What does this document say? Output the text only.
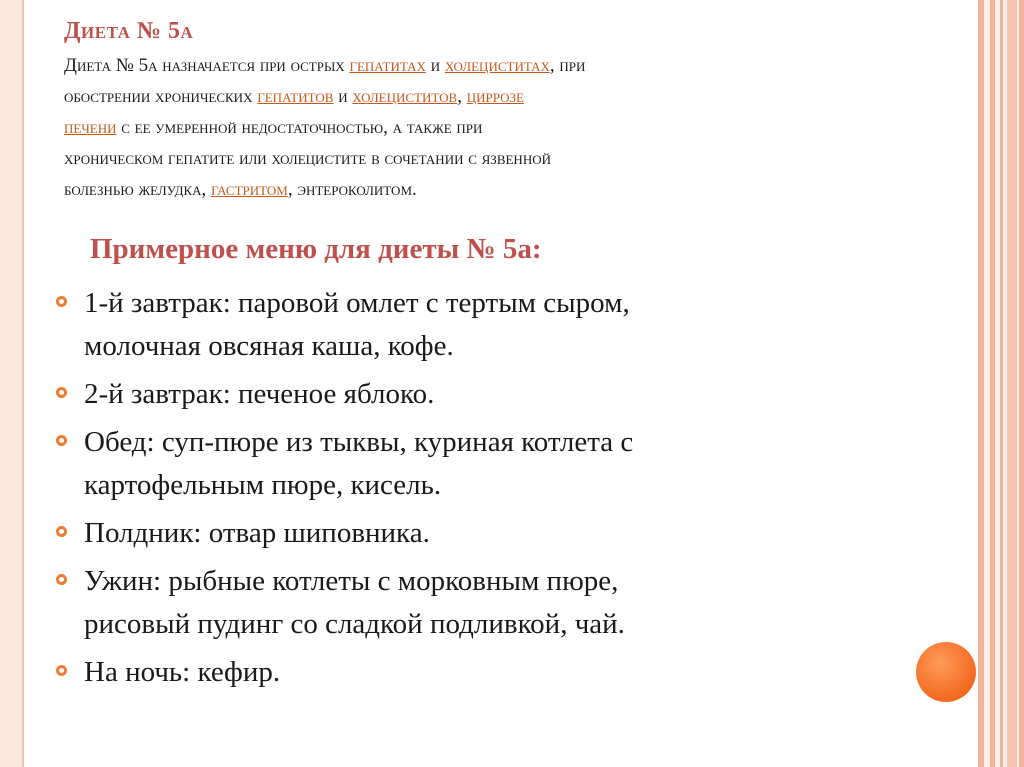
Диета № 5а
Диета № 5а назначается при острых гепатитах и холециститах, при
обострении хронических гепатитов и холециститов, циррозе
печени с ее умеренной недостаточностью, а также при
хроническом гепатите или холецистите в сочетании с язвенной
болезнью желудка, гастритом, энтероколитом.
Примерное меню для диеты № 5а:
1-й завтрак: паровой омлет с тертым сыром,
молочная овсяная каша, кофе.
2-й завтрак: печеное яблоко.
Обед: суп-пюре из тыквы, куриная котлета с
картофельным пюре, кисель.
Полдник: отвар шиповника.
Ужин: рыбные котлеты с морковным пюре,
рисовый пудинг со сладкой подливкой, чай.
На ночь: кефир.
